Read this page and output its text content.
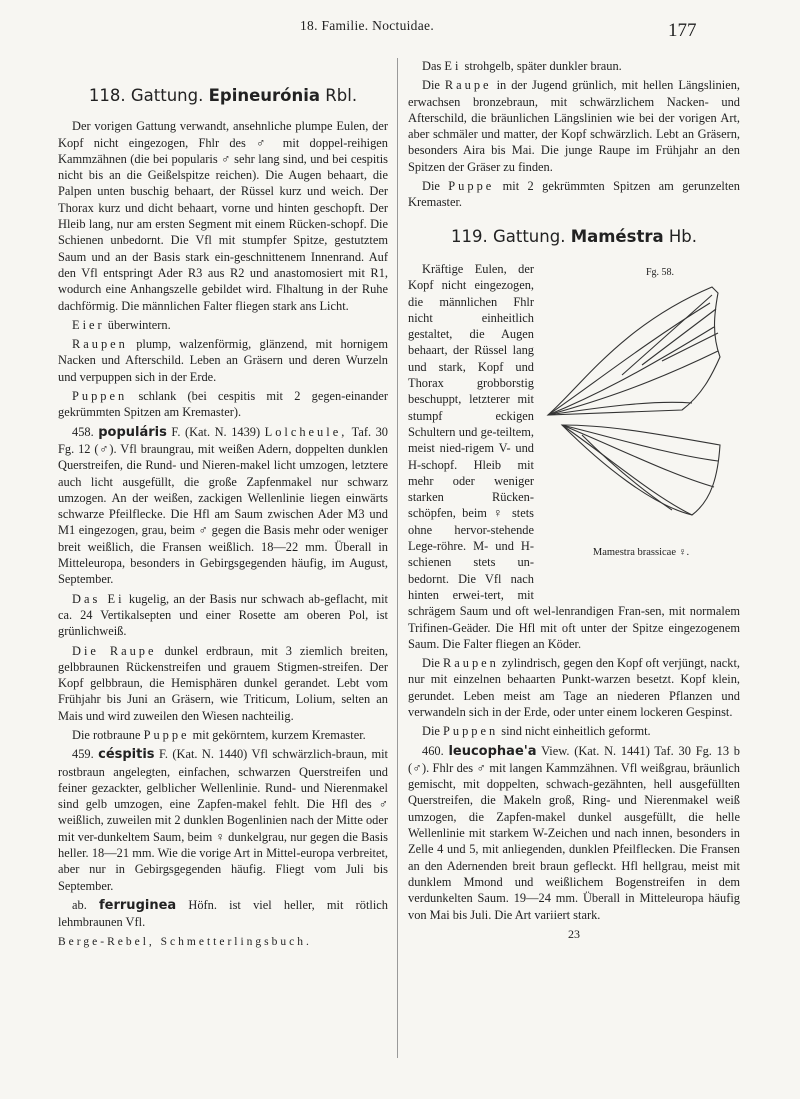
18. Familie. Noctuidae.	177
118. Gattung. Epineurónia Rbl.

Der vorigen Gattung verwandt, ansehnliche plumpe Eulen, der Kopf nicht eingezogen, Fhlr des ♂ mit doppel-reihigen Kammzähnen (die bei popularis ♂ sehr lang sind, und bei cespitis nicht bis an die Geißelspitze reichen). Die Augen behaart, die Palpen unten buschig behaart, der Rüssel kurz und weich. Der Thorax kurz und dicht behaart, vorne und hinten geschopft. Der Hleib lang, nur am ersten Segment mit einem Rücken-schopf. Die Schienen unbedornt. Die Vfl mit stumpfer Spitze, gestutztem Saum und an der Basis stark ein-geschnittenem Innenrand. Auf den Vfl entspringt Ader R3 aus R2 und anastomosiert mit R1, wodurch eine Anhangszelle gebildet wird. Flhaltung in der Ruhe dachförmig. Die männlichen Falter fliegen stark ans Licht.

Eier überwintern.

Raupen plump, walzenförmig, glänzend, mit hornigem Nacken und Afterschild. Leben an Gräsern und deren Wurzeln und verpuppen sich in der Erde.

Puppen schlank (bei cespitis mit 2 gegen-einander gekrümmten Spitzen am Kremaster).

458. populáris F. (Kat. N. 1439) Lolcheule, Taf. 30 Fg. 12 (♂). Vfl braungrau, mit weißen Adern, doppelten dunklen Querstreifen, die Rund- und Nieren-makel licht umzogen, letztere auch licht ausgefüllt, die große Zapfenmakel nur schwarz umzogen. An der weißen, zackigen Wellenlinie liegen einwärts schwarze Pfeilflecke. Die Hfl am Saum zwischen Ader M3 und M1 eingezogen, grau, beim ♂ gegen die Basis mehr oder weniger breit weißlich, die Fransen weißlich. 18—22 mm. Überall in Mitteleuropa, besonders in Gebirgsgegenden häufig, im August, September.

Das Ei kugelig, an der Basis nur schwach ab-geflacht, mit ca. 24 Vertikalsepten und einer Rosette am oberen Pol, ist grünlichweiß.

Die Raupe dunkel erdbraun, mit 3 ziemlich breiten, gelbbraunen Rückenstreifen und grauem Stigmen-streifen. Der Kopf gelbbraun, die Hemisphären dunkel gerandet. Lebt vom Frühjahr bis Juni an Gräsern, wie Triticum, Lolium, selten an Mais und wird zuweilen den Wiesen nachteilig.

Die rotbraune Puppe mit gekörntem, kurzem Kremaster.

459. céspitis F. (Kat. N. 1440) Vfl schwärzlich-braun, mit rostbraun angelegten, einfachen, schwarzen Querstreifen und feiner gezackter, gelblicher Wellenlinie. Rund- und Nierenmakel sind gelb umzogen, eine Zapfen-makel fehlt. Die Hfl des ♂ weißlich, zuweilen mit 2 dunklen Bogenlinien nach der Mitte oder mit ver-dunkeltem Saum, beim ♀ dunkelgrau, nur gegen die Basis heller. 18—21 mm. Wie die vorige Art in Mittel-europa verbreitet, aber nur in Gebirgsgegenden häufig. Fliegt vom Juli bis September.

ab. ferruginea Höfn. ist viel heller, mit rötlich lehmbraunen Vfl.

Berge-Rebel, Schmetterlingsbuch.

Das Ei strohgelb, später dunkler braun.

Die Raupe in der Jugend grünlich, mit hellen Längslinien, erwachsen bronzebraun, mit schwärzlichem Nacken- und Afterschild, die bräunlichen Längslinien wie bei der vorigen Art, aber schmäler und matter, der Kopf schwärzlich. Lebt an Gräsern, besonders Aira bis Mai. Die junge Raupe im Frühjahr an den Spitzen der Gräser zu finden.

Die Puppe mit 2 gekrümmten Spitzen am gerunzelten Kremaster.

119. Gattung. Maméstra Hb.
Fg. 58.
Mamestra brassicae ♀.

Kräftige Eulen, der Kopf nicht eingezogen, die männlichen Fhlr nicht einheitlich gestaltet, die Augen behaart, der Rüssel lang und stark, Kopf und Thorax grobborstig beschuppt, letzterer mit stumpf eckigen Schultern und ge-teiltem, meist nied-rigem V- und H-schopf. Hleib mit mehr oder weniger starken Rücken-schöpfen, beim ♀ stets ohne hervor-stehende Lege-röhre. M- und H-schienen stets un-bedornt. Die Vfl nach hinten erwei-tert, mit schrägem Saum und oft wel-lenrandigen Fran-sen, mit normalem Trifinen-Geäder. Die Hfl mit oft unter der Spitze eingezogenem Saum. Die Falter fliegen an Köder.

Die Raupen zylindrisch, gegen den Kopf oft verjüngt, nackt, nur mit einzelnen behaarten Punkt-warzen besetzt. Kopf klein, gerundet. Leben meist am Tage an niederen Pflanzen und verwandeln sich in der Erde, oder unter einem lockeren Gespinst.

Die Puppen sind nicht einheitlich geformt.

460. leucophae'a View. (Kat. N. 1441) Taf. 30 Fg. 13 b (♂). Fhlr des ♂ mit langen Kammzähnen. Vfl weißgrau, bräunlich gemischt, mit doppelten, schwach-gezähnten, hell ausgefüllten Querstreifen, die Makeln groß, Ring- und Nierenmakel weiß umzogen, die Zapfen-makel dunkel ausgefüllt, die helle Wellenlinie mit starkem W-Zeichen und nach innen, besonders in Zelle 4 und 5, mit anliegenden, dunklen Pfeilflecken. Die Fransen an den Adernenden breit braun gefleckt. Hfl hellgrau, meist mit dunklem Mmond und weißlichem Bogenstreifen in dem verdunkelten Saum. 19—24 mm. Überall in Mitteleuropa häufig von Mai bis Juli. Die Art variiert stark.

23
